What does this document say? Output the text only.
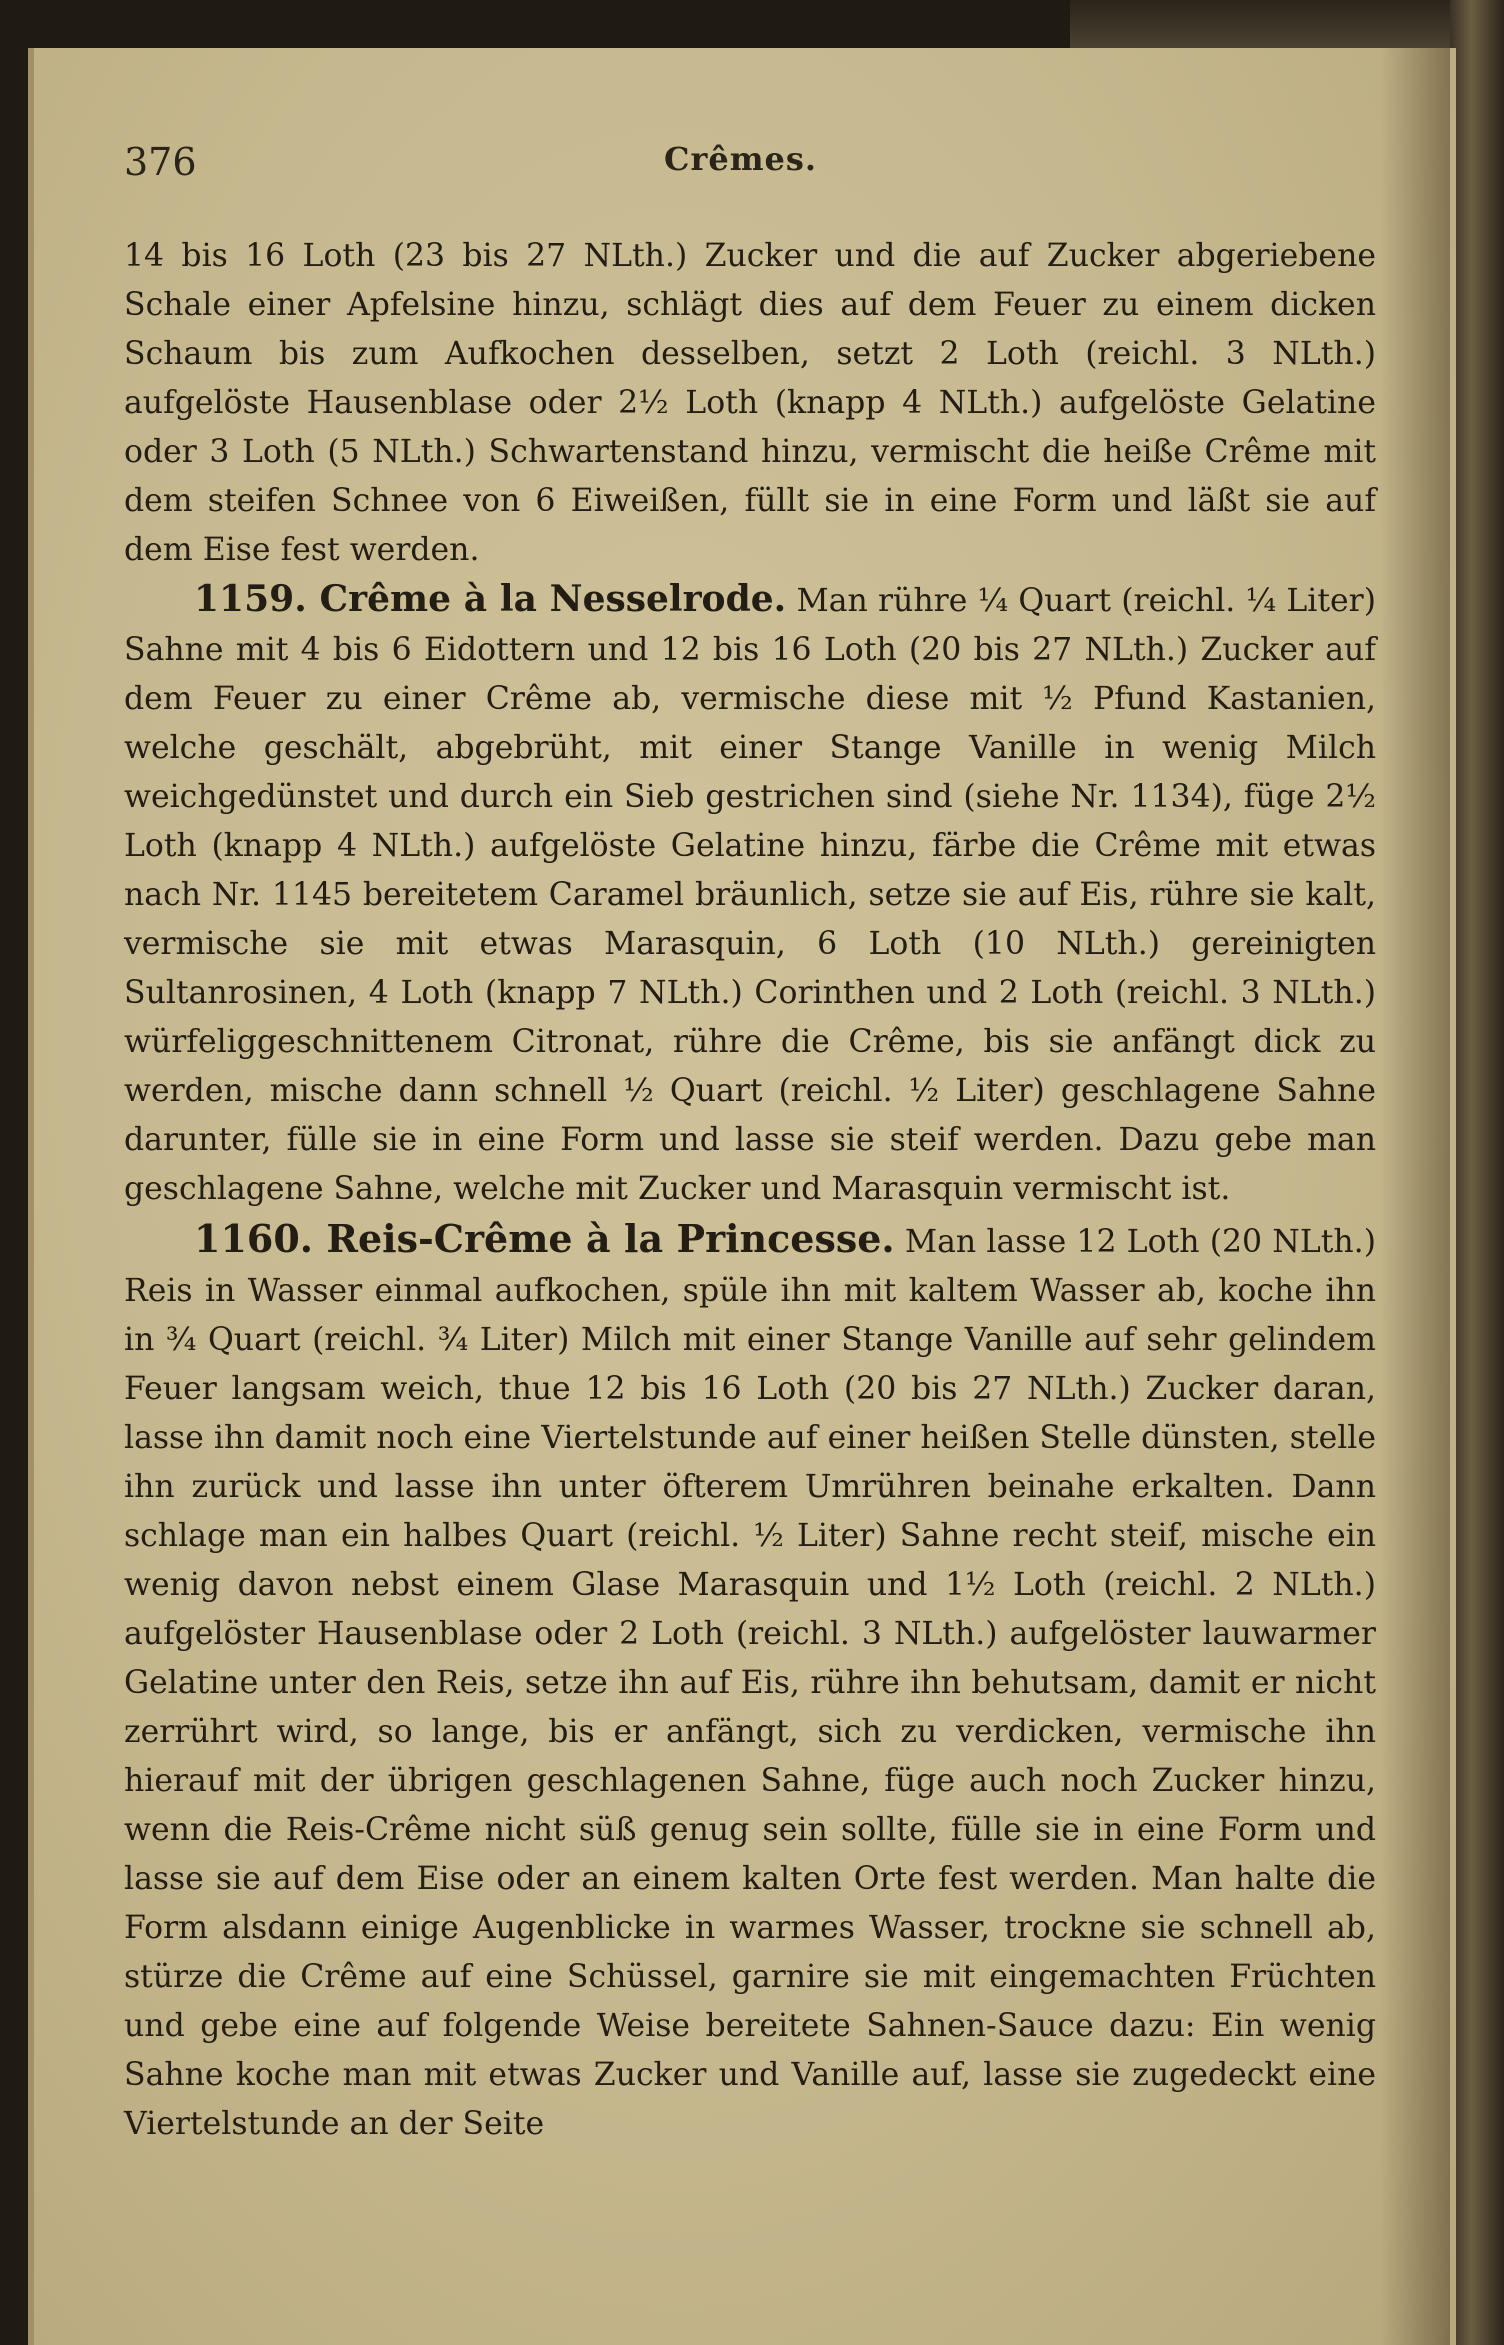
376	Crêmes.

14 bis 16 Loth (23 bis 27 NLth.) Zucker und die auf Zucker abgeriebene Schale einer Apfelsine hinzu, schlägt dies auf dem Feuer zu einem dicken Schaum bis zum Aufkochen desselben, setzt 2 Loth (reichl. 3 NLth.) aufgelöste Hausenblase oder 2½ Loth (knapp 4 NLth.) aufgelöste Gelatine oder 3 Loth (5 NLth.) Schwartenstand hinzu, vermischt die heiße Crême mit dem steifen Schnee von 6 Eiweißen, füllt sie in eine Form und läßt sie auf dem Eise fest werden.

1159. Crême à la Nesselrode. Man rühre ¼ Quart (reichl. ¼ Liter) Sahne mit 4 bis 6 Eidottern und 12 bis 16 Loth (20 bis 27 NLth.) Zucker auf dem Feuer zu einer Crême ab, vermische diese mit ½ Pfund Kastanien, welche geschält, abgebrüht, mit einer Stange Vanille in wenig Milch weichgedünstet und durch ein Sieb gestrichen sind (siehe Nr. 1134), füge 2½ Loth (knapp 4 NLth.) aufgelöste Gelatine hinzu, färbe die Crême mit etwas nach Nr. 1145 bereitetem Caramel bräunlich, setze sie auf Eis, rühre sie kalt, vermische sie mit etwas Marasquin, 6 Loth (10 NLth.) gereinigten Sultanrosinen, 4 Loth (knapp 7 NLth.) Corinthen und 2 Loth (reichl. 3 NLth.) würfeliggeschnittenem Citronat, rühre die Crême, bis sie anfängt dick zu werden, mische dann schnell ½ Quart (reichl. ½ Liter) geschlagene Sahne darunter, fülle sie in eine Form und lasse sie steif werden. Dazu gebe man geschlagene Sahne, welche mit Zucker und Marasquin vermischt ist.

1160. Reis-Crême à la Princesse. Man lasse 12 Loth (20 NLth.) Reis in Wasser einmal aufkochen, spüle ihn mit kaltem Wasser ab, koche ihn in ¾ Quart (reichl. ¾ Liter) Milch mit einer Stange Vanille auf sehr gelindem Feuer langsam weich, thue 12 bis 16 Loth (20 bis 27 NLth.) Zucker daran, lasse ihn damit noch eine Viertelstunde auf einer heißen Stelle dünsten, stelle ihn zurück und lasse ihn unter öfterem Umrühren beinahe erkalten. Dann schlage man ein halbes Quart (reichl. ½ Liter) Sahne recht steif, mische ein wenig davon nebst einem Glase Marasquin und 1½ Loth (reichl. 2 NLth.) aufgelöster Hausenblase oder 2 Loth (reichl. 3 NLth.) aufgelöster lauwarmer Gelatine unter den Reis, setze ihn auf Eis, rühre ihn behutsam, damit er nicht zerrührt wird, so lange, bis er anfängt, sich zu verdicken, vermische ihn hierauf mit der übrigen geschlagenen Sahne, füge auch noch Zucker hinzu, wenn die Reis-Crême nicht süß genug sein sollte, fülle sie in eine Form und lasse sie auf dem Eise oder an einem kalten Orte fest werden. Man halte die Form alsdann einige Augenblicke in warmes Wasser, trockne sie schnell ab, stürze die Crême auf eine Schüssel, garnire sie mit eingemachten Früchten und gebe eine auf folgende Weise bereitete Sahnen-Sauce dazu: Ein wenig Sahne koche man mit etwas Zucker und Vanille auf, lasse sie zugedeckt eine Viertelstunde an der Seite
